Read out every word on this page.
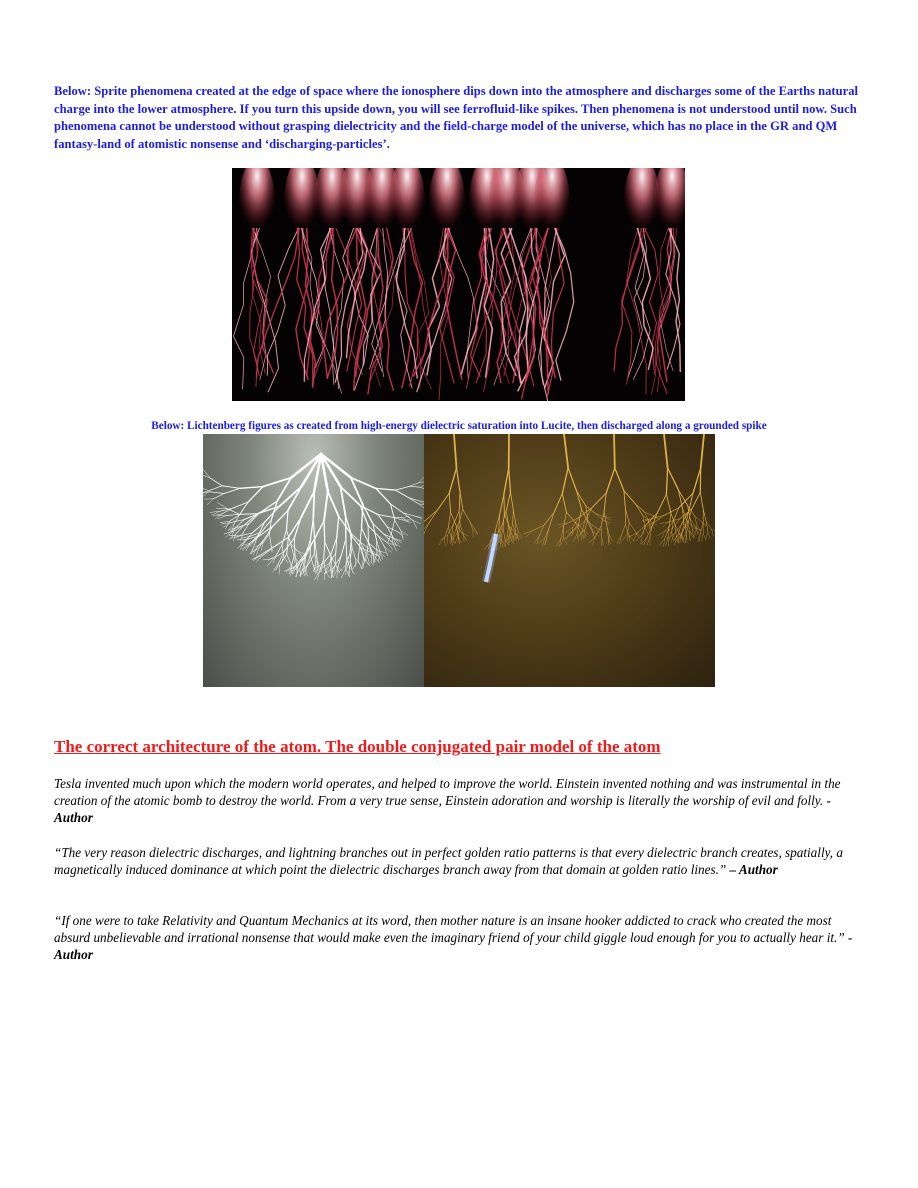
Below: Sprite phenomena created at the edge of space where the ionosphere dips down into the atmosphere and discharges some of the Earths natural charge into the lower atmosphere. If you turn this upside down, you will see ferrofluid-like spikes. Then phenomena is not understood until now. Such phenomena cannot be understood without grasping dielectricity and the field-charge model of the universe, which has no place in the GR and QM fantasy-land of atomistic nonsense and ‘discharging-particles’.

Below: Lichtenberg figures as created from high-energy dielectric saturation into Lucite, then discharged along a grounded spike

The correct architecture of the atom. The double conjugated pair model of the atom

Tesla invented much upon which the modern world operates, and helped to improve the world. Einstein invented nothing and was instrumental in the creation of the atomic bomb to destroy the world. From a very true sense, Einstein adoration and worship is literally the worship of evil and folly. - Author

“The very reason dielectric discharges, and lightning branches out in perfect golden ratio patterns is that every dielectric branch creates, spatially, a magnetically induced dominance at which point the dielectric discharges branch away from that domain at golden ratio lines.” – Author

“If one were to take Relativity and Quantum Mechanics at its word, then mother nature is an insane hooker addicted to crack who created the most absurd unbelievable and irrational nonsense that would make even the imaginary friend of your child giggle loud enough for you to actually hear it.” - Author
